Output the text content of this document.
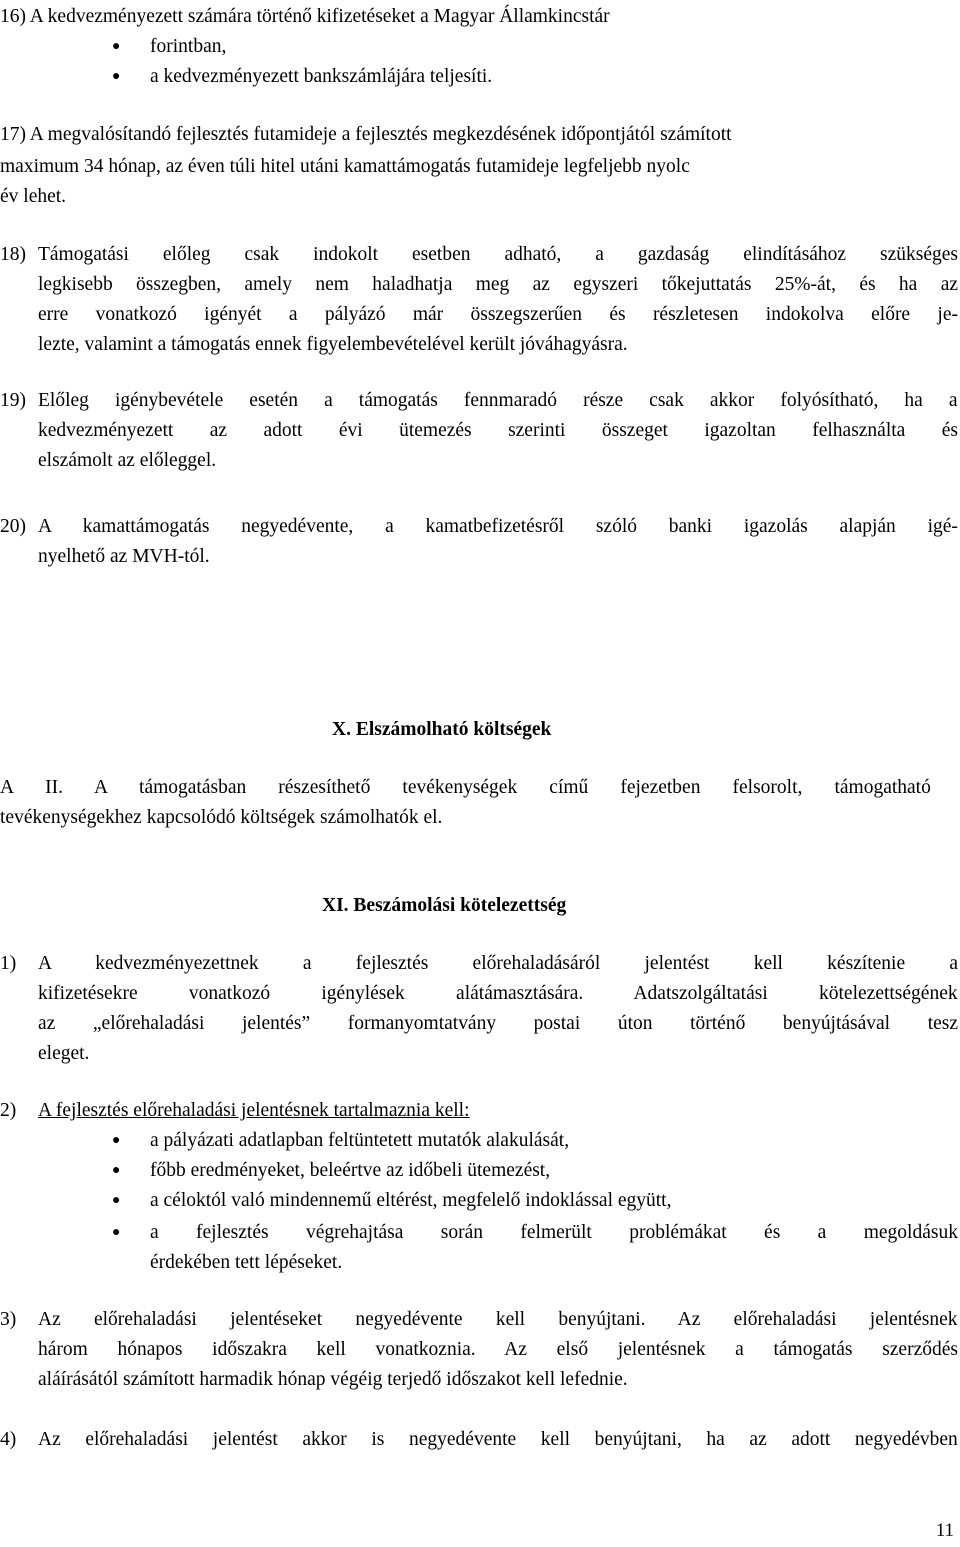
16) A kedvezményezett számára történő kifizetéseket a Magyar Államkincstár
● forintban,
● a kedvezményezett bankszámlájára teljesíti.
17) A megvalósítandó fejlesztés futamideje a fejlesztés megkezdésének időpontjától számított
maximum 34 hónap, az éven túli hitel utáni kamattámogatás futamideje legfeljebb nyolc
év lehet.
18) Támogatási előleg csak indokolt esetben adható, a gazdaság elindításához szükséges
legkisebb összegben, amely nem haladhatja meg az egyszeri tőkejuttatás 25%-át, és ha az
erre vonatkozó igényét a pályázó már összegszerűen és részletesen indokolva előre je-
lezte, valamint a támogatás ennek figyelembevételével került jóváhagyásra.
19) Előleg igénybevétele esetén a támogatás fennmaradó része csak akkor folyósítható, ha a
kedvezményezett az adott évi ütemezés szerinti összeget igazoltan felhasználta és
elszámolt az előleggel.
20) A kamattámogatás negyedévente, a kamatbefizetésről szóló banki igazolás alapján igé-
nyelhető az MVH-tól.
X. Elszámolható költségek
A II. A támogatásban részesíthető tevékenységek című fejezetben felsorolt, támogatható
tevékenységekhez kapcsolódó költségek számolhatók el.
XI. Beszámolási kötelezettség
1) A kedvezményezettnek a fejlesztés előrehaladásáról jelentést kell készítenie a
kifizetésekre vonatkozó igénylések alátámasztására. Adatszolgáltatási kötelezettségének
az „előrehaladási jelentés” formanyomtatvány postai úton történő benyújtásával tesz
eleget.
2) A fejlesztés előrehaladási jelentésnek tartalmaznia kell:
● a pályázati adatlapban feltüntetett mutatók alakulását,
● főbb eredményeket, beleértve az időbeli ütemezést,
● a céloktól való mindennemű eltérést, megfelelő indoklással együtt,
● a fejlesztés végrehajtása során felmerült problémákat és a megoldásuk
érdekében tett lépéseket.
3) Az előrehaladási jelentéseket negyedévente kell benyújtani. Az előrehaladási jelentésnek
három hónapos időszakra kell vonatkoznia. Az első jelentésnek a támogatás szerződés
aláírásától számított harmadik hónap végéig terjedő időszakot kell lefednie.
4) Az előrehaladási jelentést akkor is negyedévente kell benyújtani, ha az adott negyedévben
11
